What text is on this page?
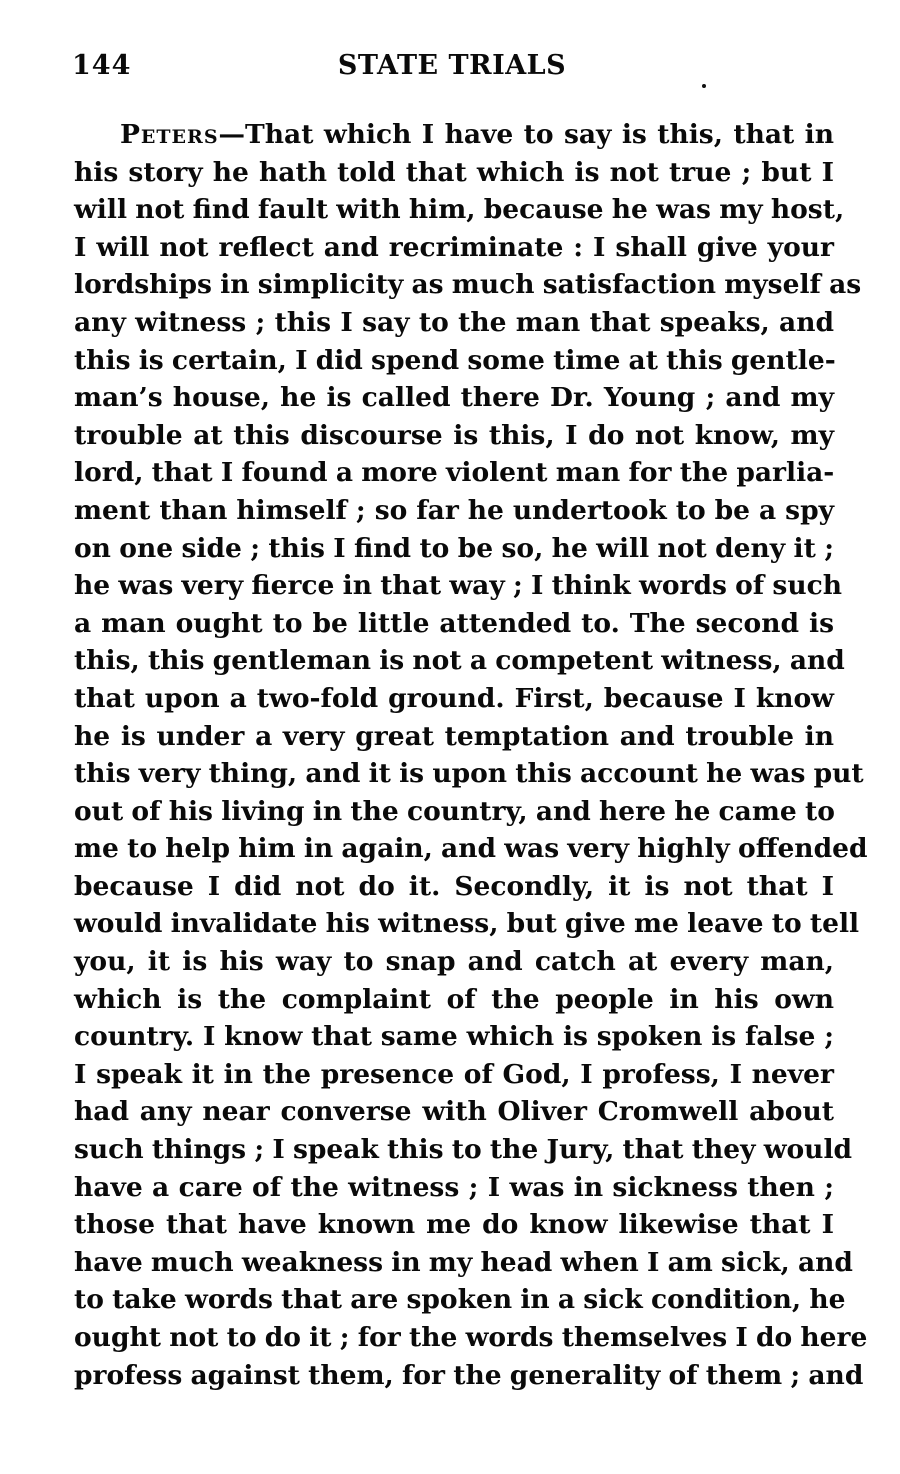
144	STATE TRIALS
Peters—That which I have to say is this, that in
his story he hath told that which is not true ; but I
will not find fault with him, because he was my host,
I will not reflect and recriminate : I shall give your
lordships in simplicity as much satisfaction myself as
any witness ; this I say to the man that speaks, and
this is certain, I did spend some time at this gentle-
man’s house, he is called there Dr. Young ; and my
trouble at this discourse is this, I do not know, my
lord, that I found a more violent man for the parlia-
ment than himself ; so far he undertook to be a spy
on one side ; this I find to be so, he will not deny it ;
he was very fierce in that way ; I think words of such
a man ought to be little attended to. The second is
this, this gentleman is not a competent witness, and
that upon a two-fold ground. First, because I know
he is under a very great temptation and trouble in
this very thing, and it is upon this account he was put
out of his living in the country, and here he came to
me to help him in again, and was very highly offended
because I did not do it. Secondly, it is not that I
would invalidate his witness, but give me leave to tell
you, it is his way to snap and catch at every man,
which is the complaint of the people in his own
country. I know that same which is spoken is false ;
I speak it in the presence of God, I profess, I never
had any near converse with Oliver Cromwell about
such things ; I speak this to the Jury, that they would
have a care of the witness ; I was in sickness then ;
those that have known me do know likewise that I
have much weakness in my head when I am sick, and
to take words that are spoken in a sick condition, he
ought not to do it ; for the words themselves I do here
profess against them, for the generality of them ; and
